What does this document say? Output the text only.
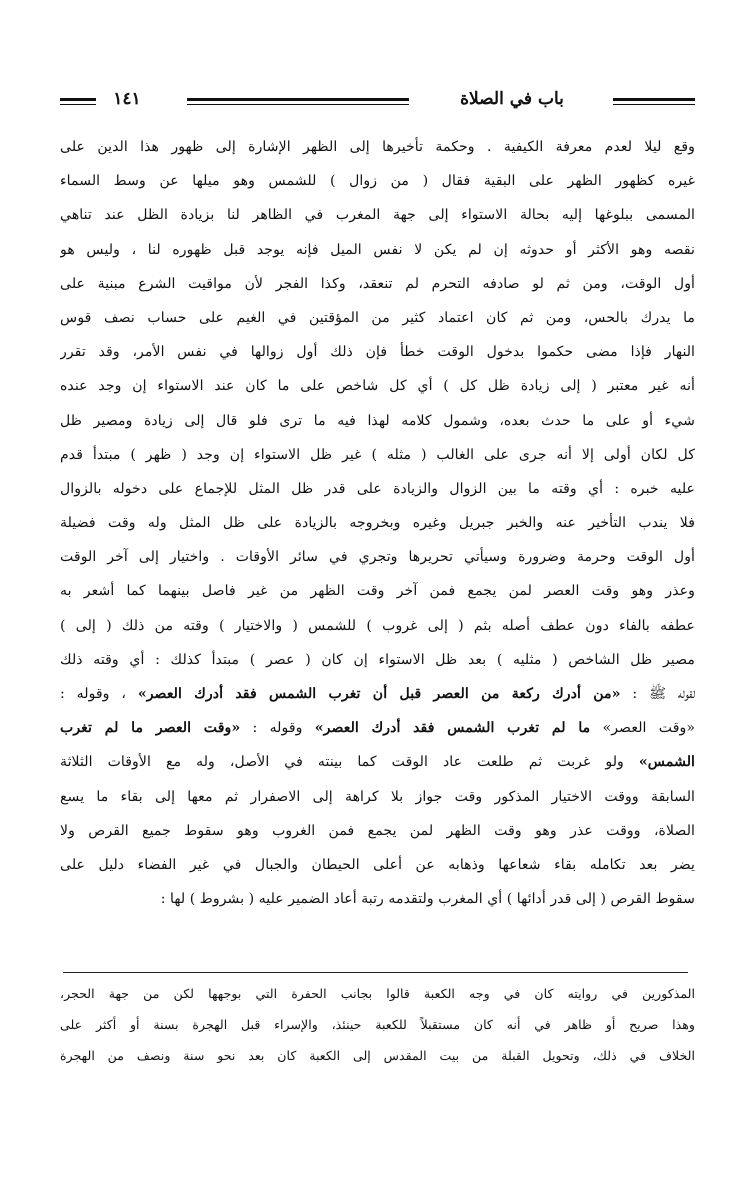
باب في الصلاة
١٤١
وقع ليلا لعدم معرفة الكيفية . وحكمة تأخيرها إلى الظهر الإشارة إلى ظهور هذا الدين على
غيره كظهور الظهر على البقية فقال ( من زوال ) للشمس وهو ميلها عن وسط السماء
المسمى ببلوغها إليه بحالة الاستواء إلى جهة المغرب في الظاهر لنا بزيادة الظل عند تناهي
نقصه وهو الأكثر أو حدوثه إن لم يكن لا نفس الميل فإنه يوجد قبل ظهوره لنا ، وليس هو
أول الوقت، ومن ثم لو صادفه التحرم لم تنعقد، وكذا الفجر لأن مواقيت الشرع مبنية على
ما يدرك بالحس، ومن ثم كان اعتماد كثير من المؤقتين في الغيم على حساب نصف قوس
النهار فإذا مضى حكموا بدخول الوقت خطأ فإن ذلك أول زوالها في نفس الأمر، وقد تقرر
أنه غير معتبر ( إلى زيادة ظل كل ) أي كل شاخص على ما كان عند الاستواء إن وجد عنده
شيء أو على ما حدث بعده، وشمول كلامه لهذا فيه ما ترى فلو قال إلى زيادة ومصير ظل
كل لكان أولى إلا أنه جرى على الغالب ( مثله ) غير ظل الاستواء إن وجد ( ظهر ) مبتدأ قدم
عليه خبره : أي وقته ما بين الزوال والزيادة على قدر ظل المثل للإجماع على دخوله بالزوال
فلا يندب التأخير عنه والخبر جبريل وغيره وبخروجه بالزيادة على ظل المثل وله وقت فضيلة
أول الوقت وحرمة وضرورة وسيأتي تحريرها وتجري في سائر الأوقات . واختيار إلى آخر الوقت
وعذر وهو وقت العصر لمن يجمع فمن آخر وقت الظهر من غير فاصل بينهما كما أشعر به
عطفه بالفاء دون عطف أصله بثم ( إلى غروب ) للشمس ( والاختيار ) وقته من ذلك ( إلى )
مصير ظل الشاخص ( مثليه ) بعد ظل الاستواء إن كان ( عصر ) مبتدأ كذلك : أي وقته ذلك
لقوله ﷺ : «من أدرك ركعة من العصر قبل أن تغرب الشمس فقد أدرك العصر» ، وقوله :
«وقت العصر» ما لم تغرب الشمس فقد أدرك العصر» وقوله : «وقت العصر ما لم تغرب
الشمس» ولو غربت ثم طلعت عاد الوقت كما بينته في الأصل، وله مع الأوقات الثلاثة
السابقة ووقت الاختيار المذكور وقت جواز بلا كراهة إلى الاصفرار ثم معها إلى بقاء ما يسع
الصلاة، ووقت عذر وهو وقت الظهر لمن يجمع فمن الغروب وهو سقوط جميع القرص ولا
يضر بعد تكامله بقاء شعاعها وذهابه عن أعلى الحيطان والجبال في غير الفضاء دليل على
سقوط القرص ( إلى قدر أدائها ) أي المغرب ولتقدمه رتبة أعاد الضمير عليه ( بشروط ) لها :
المذكورين في روايته كان في وجه الكعبة قالوا بجانب الحفرة التي بوجهها لكن من جهة الحجر،
وهذا صريح أو ظاهر في أنه كان مستقبلاً للكعبة حينئذ، والإسراء قبل الهجرة بسنة أو أكثر على
الخلاف في ذلك، وتحويل القبلة من بيت المقدس إلى الكعبة كان بعد نحو سنة ونصف من الهجرة
